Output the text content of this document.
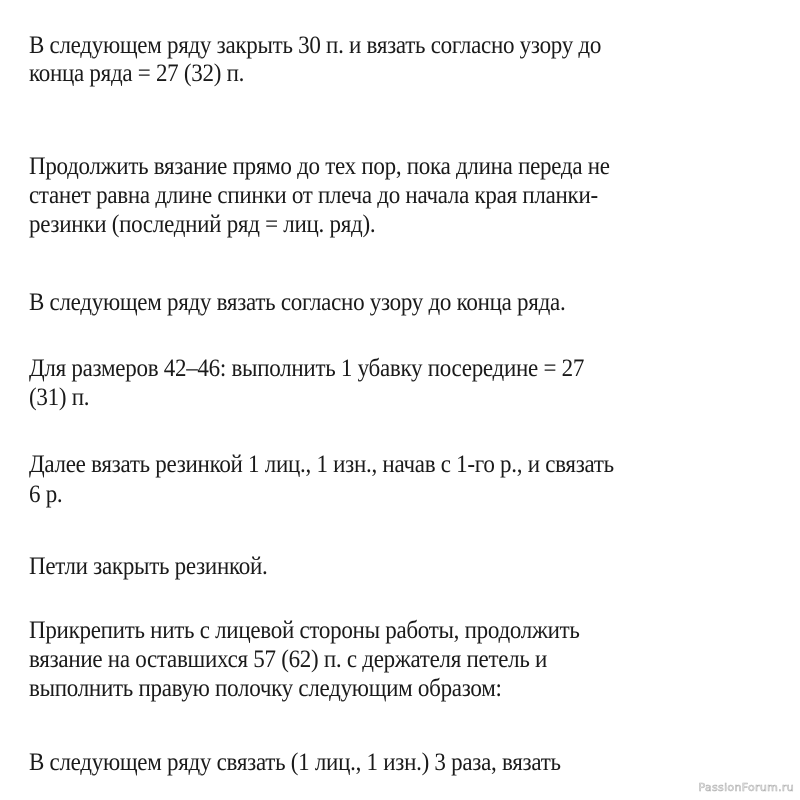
В следующем ряду закрыть 30 п. и вязать согласно узору до
конца ряда = 27 (32) п.
Продолжить вязание прямо до тех пор, пока длина переда не
станет равна длине спинки от плеча до начала края планки-
резинки (последний ряд = лиц. ряд).
В следующем ряду вязать согласно узору до конца ряда.
Для размеров 42–46: выполнить 1 убавку посередине = 27
(31) п.
Далее вязать резинкой 1 лиц., 1 изн., начав с 1-го р., и связать
6 р.
Петли закрыть резинкой.
Прикрепить нить с лицевой стороны работы, продолжить
вязание на оставшихся 57 (62) п. с держателя петель и
выполнить правую полочку следующим образом:
В следующем ряду связать (1 лиц., 1 изн.) 3 раза, вязать
PassionForum.ru
